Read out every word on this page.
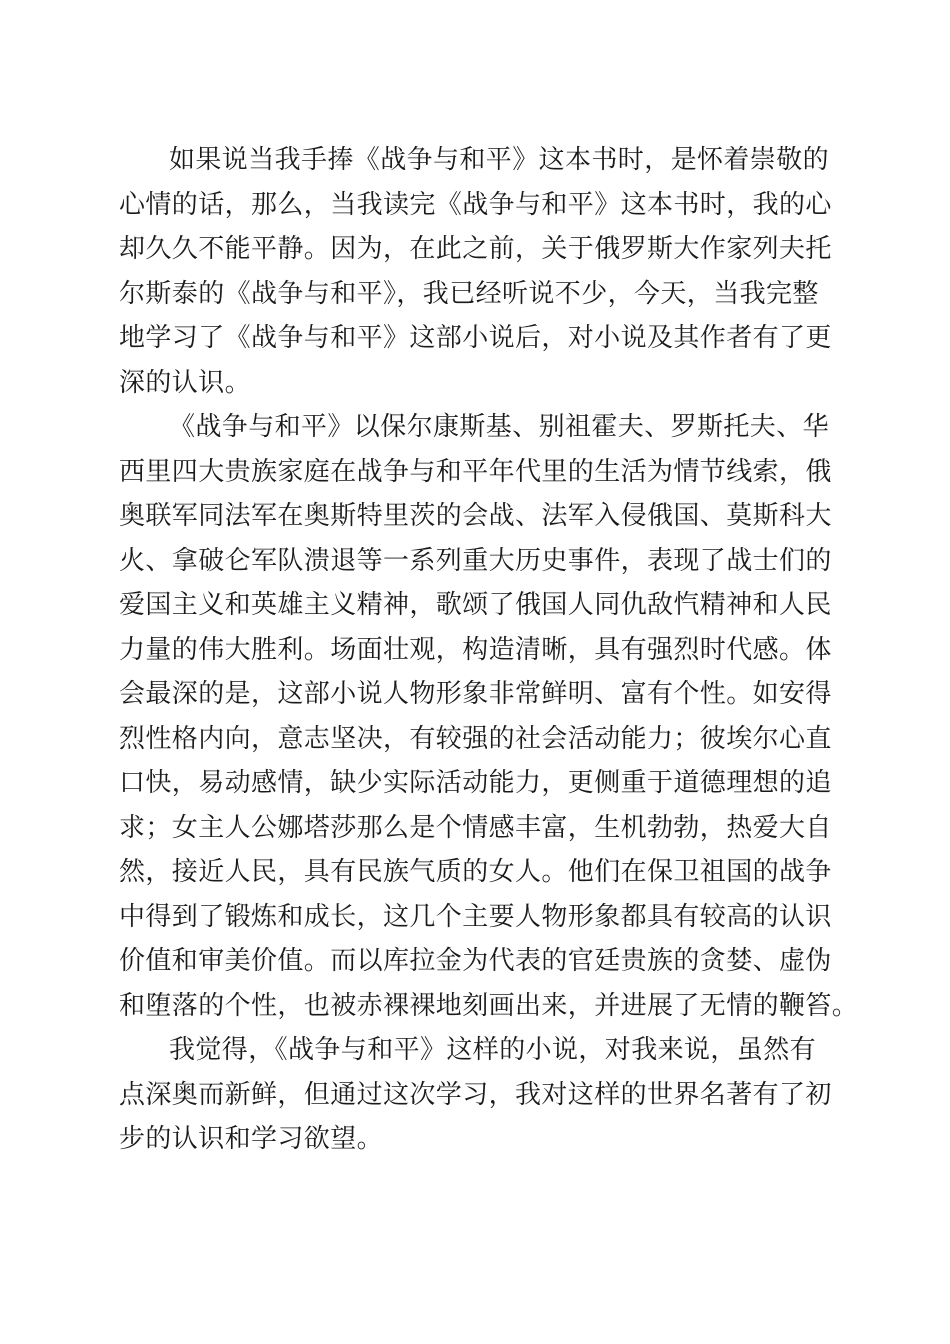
如果说当我手捧《战争与和平》这本书时，是怀着崇敬的
心情的话，那么，当我读完《战争与和平》这本书时，我的心
却久久不能平静。因为，在此之前，关于俄罗斯大作家列夫托
尔斯泰的《战争与和平》，我已经听说不少，今天，当我完整
地学习了《战争与和平》这部小说后，对小说及其作者有了更
深的认识。
《战争与和平》以保尔康斯基、别祖霍夫、罗斯托夫、华
西里四大贵族家庭在战争与和平年代里的生活为情节线索，俄
奥联军同法军在奥斯特里茨的会战、法军入侵俄国、莫斯科大
火、拿破仑军队溃退等一系列重大历史事件，表现了战士们的
爱国主义和英雄主义精神，歌颂了俄国人同仇敌忾精神和人民
力量的伟大胜利。场面壮观，构造清晰，具有强烈时代感。体
会最深的是，这部小说人物形象非常鲜明、富有个性。如安得
烈性格内向，意志坚决，有较强的社会活动能力；彼埃尔心直
口快，易动感情，缺少实际活动能力，更侧重于道德理想的追
求；女主人公娜塔莎那么是个情感丰富，生机勃勃，热爱大自
然，接近人民，具有民族气质的女人。他们在保卫祖国的战争
中得到了锻炼和成长，这几个主要人物形象都具有较高的认识
价值和审美价值。而以库拉金为代表的官廷贵族的贪婪、虚伪
和堕落的个性，也被赤裸裸地刻画出来，并进展了无情的鞭笞。
我觉得，《战争与和平》这样的小说，对我来说，虽然有
点深奥而新鲜，但通过这次学习，我对这样的世界名著有了初
步的认识和学习欲望。
